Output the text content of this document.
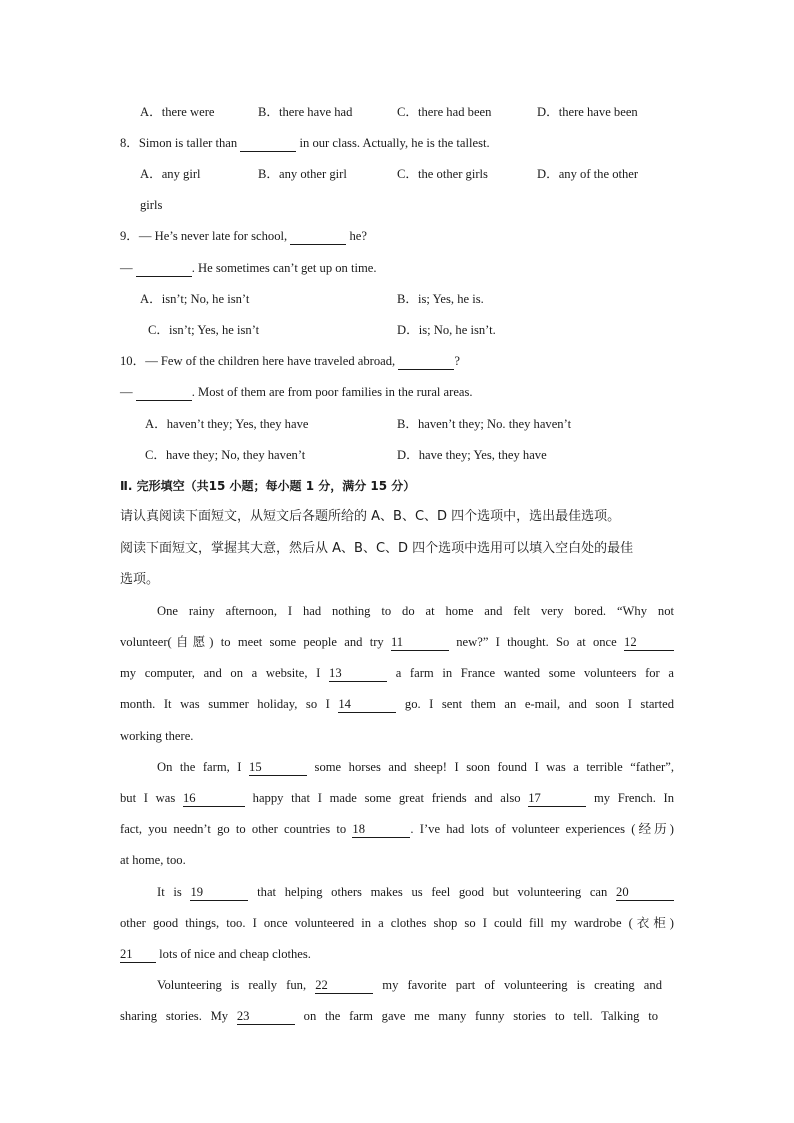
A．there were	B．there have had	C．there had been	D．there have been
8．Simon is taller than	in our class. Actually, he is the tallest.
A．any girl	B．any other girl	C．the other girls	D．any of the other
girls
9．— He’s never late for school,	he?
—	. He sometimes can’t get up on time.
A．isn’t; No, he isn’t	B．is; Yes, he is.
C．isn’t; Yes, he isn’t	D．is; No, he isn’t.
10．— Few of the children here have traveled abroad,	?
—	. Most of them are from poor families in the rural areas.
A．haven’t they; Yes, they have	B．haven’t they; No. they haven’t
C．have they; No, they haven’t	D．have they; Yes, they have
Ⅱ. 完形填空（共15 小题；每小题 1 分，满分 15 分）
请认真阅读下面短文，从短文后各题所给的 A、B、C、D 四个选项中，选出最佳选项。
阅读下面短文，掌握其大意，然后从 A、B、C、D 四个选项中选用可以填入空白处的最佳
选项。
One rainy afternoon, I had nothing to do at home and felt very bored. “Why not
volunteer(自愿) to meet some people and try 11	new?” I thought. So at once 12
my computer, and on a website, I 13	a farm in France wanted some volunteers for a
month. It was summer holiday, so I 14	go. I sent them an e-mail, and soon I started
working there.
On the farm, I 15	some horses and sheep! I soon found I was a terrible “father”,
but I was 16	happy that I made some great friends and also 17	my French. In
fact, you needn’t go to other countries to 18	. I’ve had lots of volunteer experiences (经历)
at home, too.
It is 19	that helping others makes us feel good but volunteering can 20
other good things, too. I once volunteered in a clothes shop so I could fill my wardrobe (衣柜)
21 lots of nice and cheap clothes.
Volunteering is really fun, 22	my favorite part of volunteering is creating and
sharing stories. My 23	on the farm gave me many funny stories to tell. Talking to
